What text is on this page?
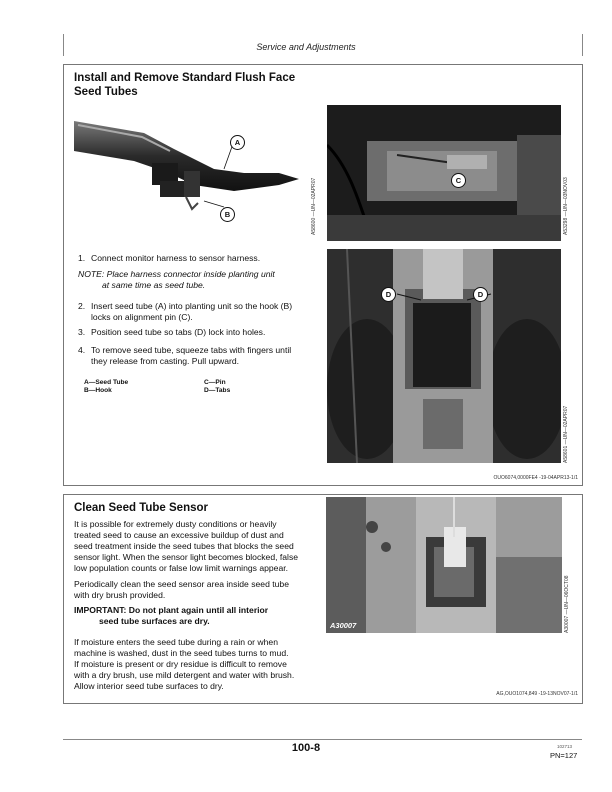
Service and Adjustments
Install and Remove Standard Flush Face
Seed Tubes
A
B	A58600 —UN—02APR07	C	A53298 —UN—03NOV03
D	D
A58601 —UN—02APR07
1. Connect monitor harness to sensor harness.

NOTE: Place harness connector inside planting unit

at same time as seed tube.

2. Insert seed tube (A) into planting unit so the hook (B)
locks on alignment pin (C).
3. Position seed tube so tabs (D) lock into holes.
4. To remove seed tube, squeeze tabs with fingers until
they release from casting. Pull upward.
A—Seed Tube	C—Pin
B—Hook	D—Tabs
OUO6074,0000FE4 -19-04APR13-1/1
Clean Seed Tube Sensor

It is possible for extremely dusty conditions or heavily

treated seed to cause an excessive buildup of dust and

seed treatment inside the seed tubes that blocks the seed

sensor light. When the sensor light becomes blocked, false

low population counts or false low limit warnings appear.

Periodically clean the seed sensor area inside seed tube

with dry brush provided.

IMPORTANT: Do not plant again until all interior

seed tube surfaces are dry.

If moisture enters the seed tube during a rain or when

machine is washed, dust in the seed tubes turns to mud.

If moisture is present or dry residue is difficult to remove

with a dry brush, use mild detergent and water with brush.

Allow interior seed tube surfaces to dry.

A30007	A30007 —UN—06OCT08
AG,OUO1074,849 -19-13NOV07-1/1
100-8	102713
PN=127
